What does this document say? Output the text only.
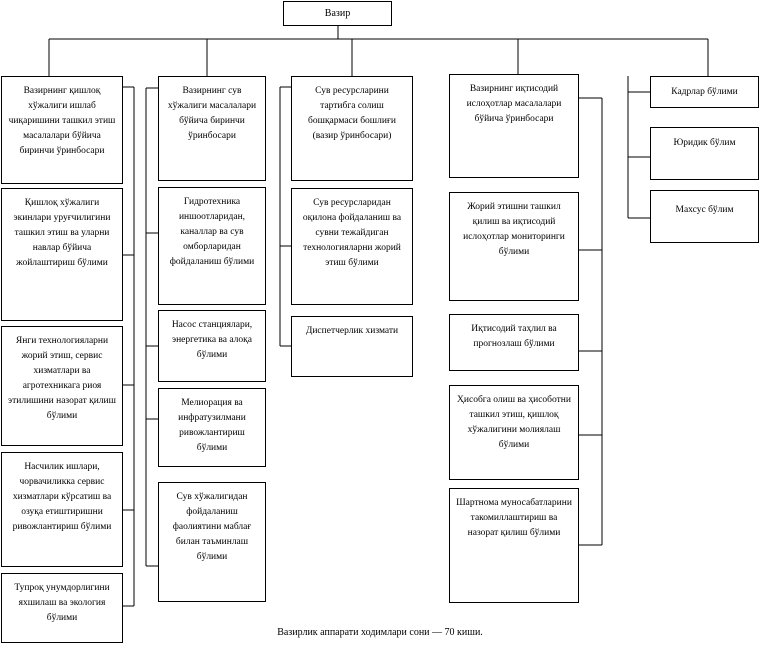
Вазир
Вазирнинг қишлоқ хўжалиги ишлаб чиқаришини ташкил этиш масалалари бўйича биринчи ўринбосари
Қишлоқ хўжалиги экинлари уруғчилигини ташкил этиш ва уларни навлар бўйича жойлаштириш бўлими
Янги технологияларни жорий этиш, сервис хизматлари ва агротехникага риоя этилишини назорат қилиш бўлими
Насчилик ишлари, чорвачиликка сервис хизматлари кўрсатиш ва озуқа етиштиришни ривожлантириш бўлими
Тупроқ унумдорлигини яхшилаш ва экология бўлими
Вазирнинг сув хўжалиги масалалари бўйича биринчи ўринбосари
Гидротехника иншоотларидан, каналлар ва сув омборларидан фойдаланиш бўлими
Насос станциялари, энергетика ва алоқа бўлими
Мелиорация ва инфратузилмани ривожлантириш бўлими
Сув хўжалигидан фойдаланиш фаолиятини маблағ билан таъминлаш бўлими
Сув ресурсларини тартибга солиш бошқармаси бошлиғи (вазир ўринбосари)
Сув ресурсларидан оқилона фойдаланиш ва сувни тежайдиган технологияларни жорий этиш бўлими
Диспетчерлик хизмати
Вазирнинг иқтисодий ислоҳотлар масалалари бўйича ўринбосари
Жорий этишни ташкил қилиш ва иқтисодий ислоҳотлар мониторинги бўлими
Иқтисодий таҳлил ва прогнозлаш бўлими
Ҳисобга олиш ва ҳисоботни ташкил этиш, қишлоқ хўжалигини молиялаш бўлими
Шартнома муносабатларини такомиллаштириш ва назорат қилиш бўлими
Кадрлар бўлими
Юридик бўлим
Махсус бўлим
Вазирлик аппарати ходимлари сони — 70 киши.
